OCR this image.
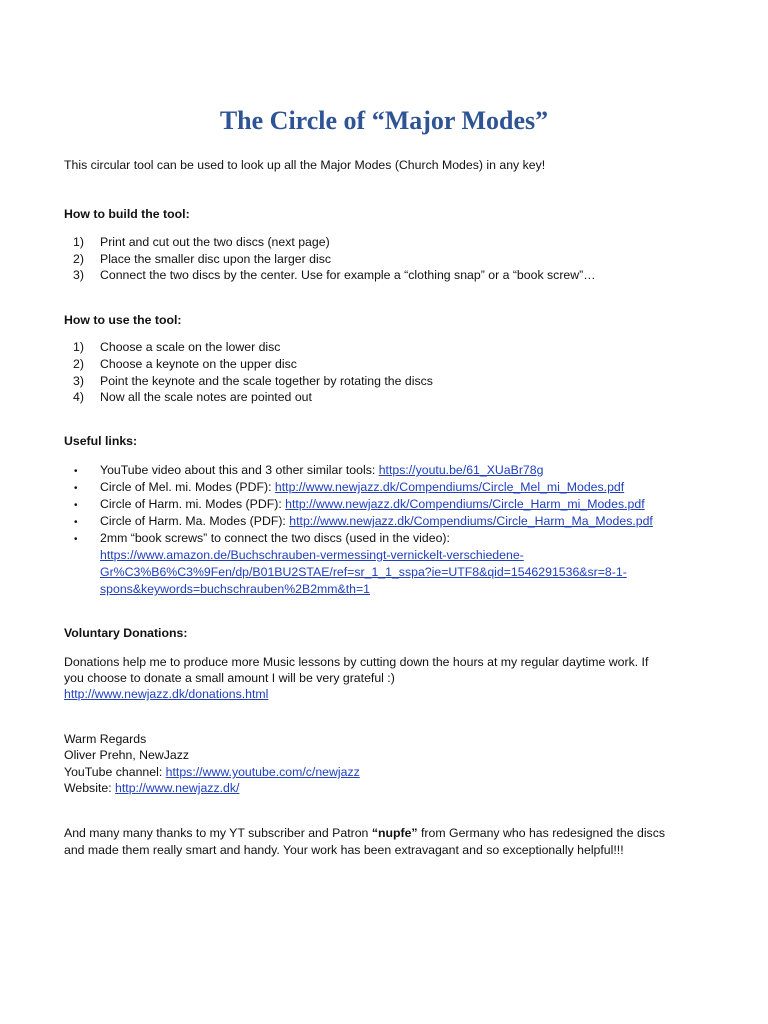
The Circle of “Major Modes”
This circular tool can be used to look up all the Major Modes (Church Modes) in any key!
How to build the tool:
1) Print and cut out the two discs (next page)
2) Place the smaller disc upon the larger disc
3) Connect the two discs by the center. Use for example a “clothing snap” or a “book screw”…
How to use the tool:
1) Choose a scale on the lower disc
2) Choose a keynote on the upper disc
3) Point the keynote and the scale together by rotating the discs
4) Now all the scale notes are pointed out
Useful links:
• YouTube video about this and 3 other similar tools: https://youtu.be/61_XUaBr78g
• Circle of Mel. mi. Modes (PDF): http://www.newjazz.dk/Compendiums/Circle_Mel_mi_Modes.pdf
• Circle of Harm. mi. Modes (PDF): http://www.newjazz.dk/Compendiums/Circle_Harm_mi_Modes.pdf
• Circle of Harm. Ma. Modes (PDF): http://www.newjazz.dk/Compendiums/Circle_Harm_Ma_Modes.pdf
• 2mm “book screws” to connect the two discs (used in the video):
https://www.amazon.de/Buchschrauben-vermessingt-vernickelt-verschiedene-
Gr%C3%B6%C3%9Fen/dp/B01BU2STAE/ref=sr_1_1_sspa?ie=UTF8&qid=1546291536&sr=8-1-
spons&keywords=buchschrauben%2B2mm&th=1
Voluntary Donations:
Donations help me to produce more Music lessons by cutting down the hours at my regular daytime work. If
you choose to donate a small amount I will be very grateful :)
http://www.newjazz.dk/donations.html
Warm Regards
Oliver Prehn, NewJazz
YouTube channel: https://www.youtube.com/c/newjazz
Website: http://www.newjazz.dk/
And many many thanks to my YT subscriber and Patron “nupfe” from Germany who has redesigned the discs
and made them really smart and handy. Your work has been extravagant and so exceptionally helpful!!!
